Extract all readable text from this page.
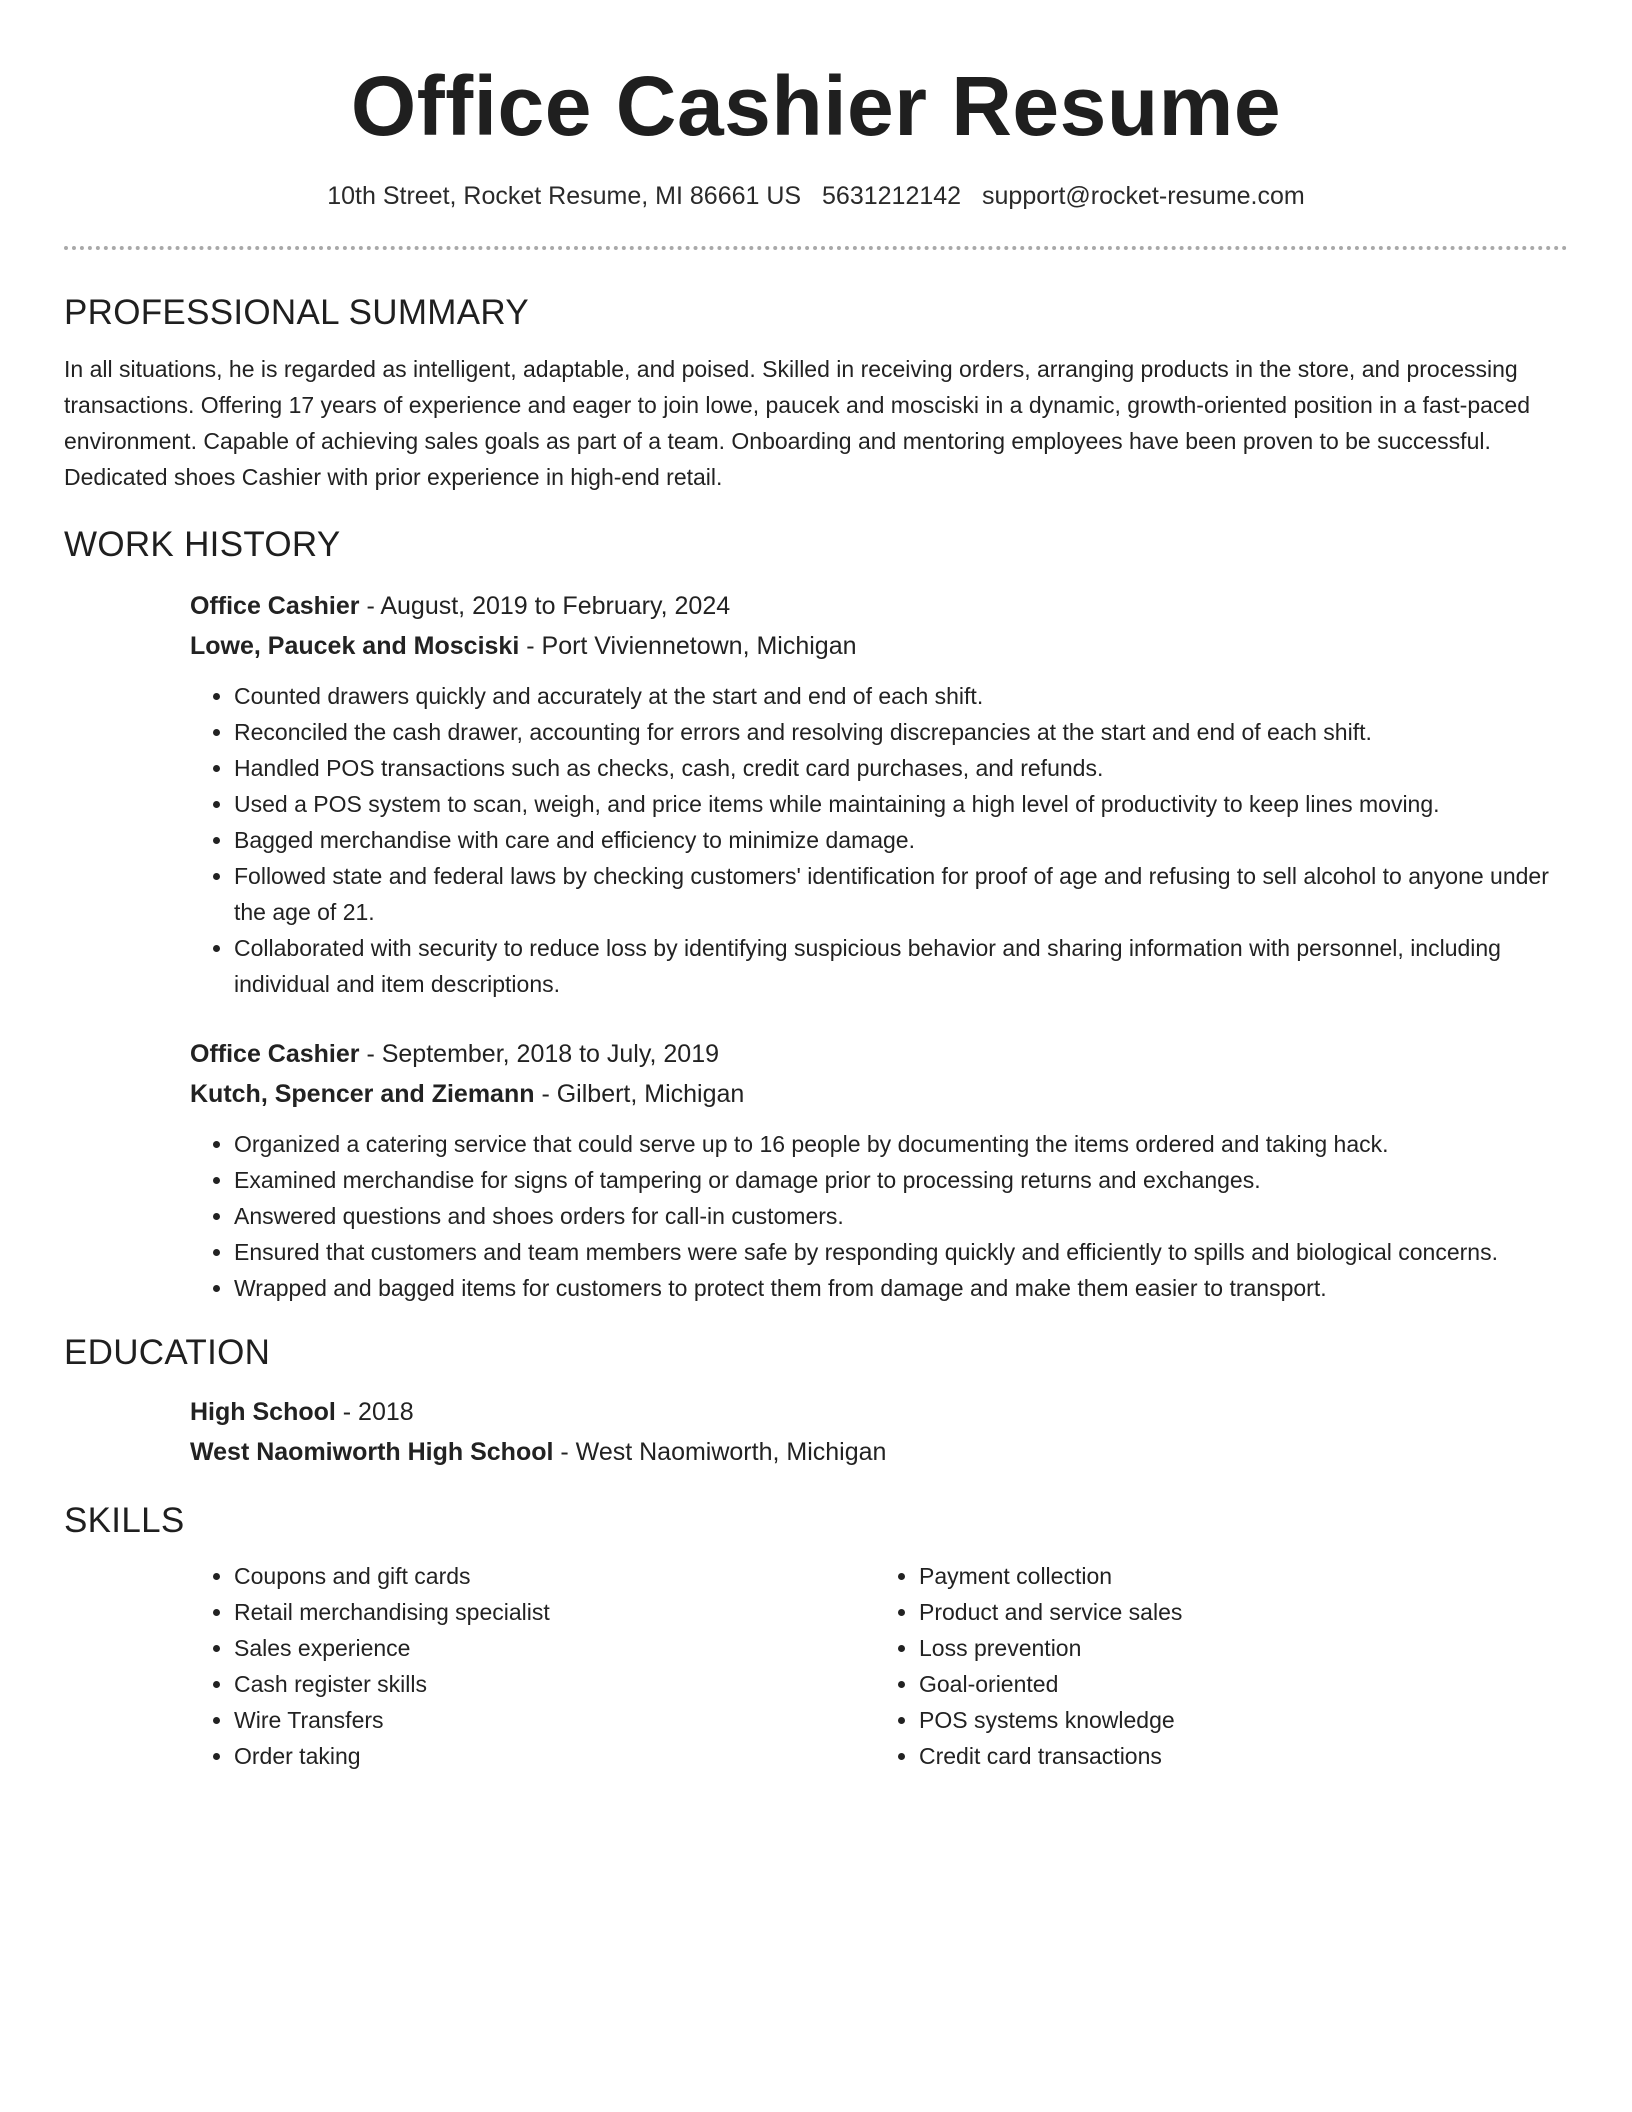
Office Cashier Resume
10th Street, Rocket Resume, MI 86661 US 5631212142 support@rocket-resume.com
PROFESSIONAL SUMMARY

In all situations, he is regarded as intelligent, adaptable, and poised. Skilled in receiving orders, arranging products in the store, and processing transactions. Offering 17 years of experience and eager to join lowe, paucek and mosciski in a dynamic, growth-oriented position in a fast-paced environment. Capable of achieving sales goals as part of a team. Onboarding and mentoring employees have been proven to be successful. Dedicated shoes Cashier with prior experience in high-end retail.

WORK HISTORY
Office Cashier - August, 2019 to February, 2024
Lowe, Paucek and Mosciski - Port Viviennetown, Michigan
• Counted drawers quickly and accurately at the start and end of each shift.
• Reconciled the cash drawer, accounting for errors and resolving discrepancies at the start and end of each shift.
• Handled POS transactions such as checks, cash, credit card purchases, and refunds.
• Used a POS system to scan, weigh, and price items while maintaining a high level of productivity to keep lines moving.
• Bagged merchandise with care and efficiency to minimize damage.
• Followed state and federal laws by checking customers' identification for proof of age and refusing to sell alcohol to anyone under the age of 21.
• Collaborated with security to reduce loss by identifying suspicious behavior and sharing information with personnel, including individual and item descriptions.
Office Cashier - September, 2018 to July, 2019
Kutch, Spencer and Ziemann - Gilbert, Michigan
• Organized a catering service that could serve up to 16 people by documenting the items ordered and taking hack.
• Examined merchandise for signs of tampering or damage prior to processing returns and exchanges.
• Answered questions and shoes orders for call-in customers.
• Ensured that customers and team members were safe by responding quickly and efficiently to spills and biological concerns.
• Wrapped and bagged items for customers to protect them from damage and make them easier to transport.
EDUCATION
High School - 2018
West Naomiworth High School - West Naomiworth, Michigan
SKILLS
• Coupons and gift cards
• Retail merchandising specialist
• Sales experience
• Cash register skills
• Wire Transfers
• Order taking
• Payment collection
• Product and service sales
• Loss prevention
• Goal-oriented
• POS systems knowledge
• Credit card transactions
